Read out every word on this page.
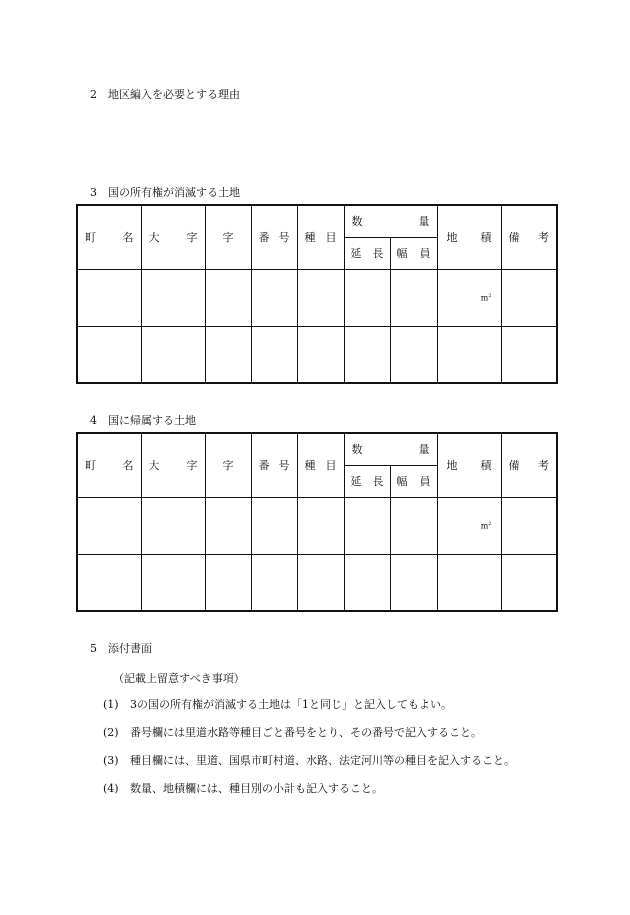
2 地区編入を必要とする理由
3 国の所有権が消滅する土地
町 名	大 字	字	番 号	種 目	数 量		地 積	備 考

					延 長	幅 員		

							$m^2$	

4 国に帰属する土地
町 名	大 字	字	番 号	種 目	数 量		地 積	備 考

					延 長	幅 員		

							$m^2$	

5 添付書面
（記載上留意すべき事項）
(1) 3の国の所有権が消滅する土地は「1と同じ」と記入してもよい。
(2) 番号欄には里道水路等種目ごと番号をとり、その番号で記入すること。
(3) 種目欄には、里道、国県市町村道、水路、法定河川等の種目を記入すること。
(4) 数量、地積欄には、種目別の小計も記入すること。
